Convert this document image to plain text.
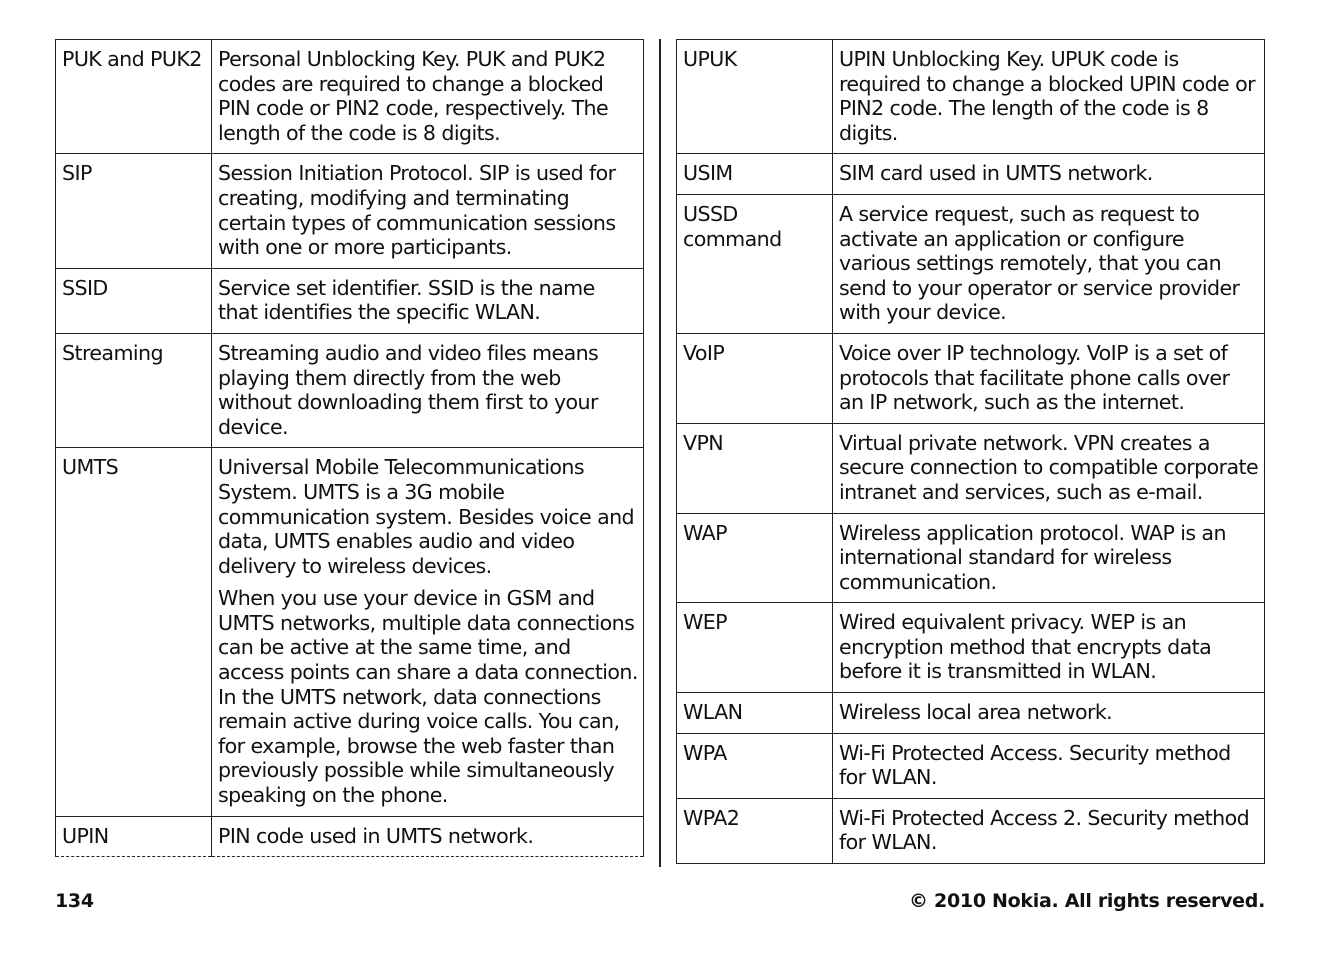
PUK and PUK2	Personal Unblocking Key. PUK and PUK2 codes are required to change a blocked PIN code or PIN2 code, respectively. The length of the code is 8 digits.

SIP	Session Initiation Protocol. SIP is used for creating, modifying and terminating certain types of communication sessions with one or more participants.

SSID	Service set identifier. SSID is the name that identifies the specific WLAN.

Streaming	Streaming audio and video files means playing them directly from the web without downloading them first to your device.

UMTS	Universal Mobile Telecommunications System. UMTS is a 3G mobile communication system. Besides voice and data, UMTS enables audio and video delivery to wireless devices.

When you use your device in GSM and UMTS networks, multiple data connections can be active at the same time, and access points can share a data connection. In the UMTS network, data connections remain active during voice calls. You can, for example, browse the web faster than previously possible while simultaneously speaking on the phone.

UPIN	PIN code used in UMTS network.

UPUK	UPIN Unblocking Key. UPUK code is required to change a blocked UPIN code or PIN2 code. The length of the code is 8 digits.

USIM	SIM card used in UMTS network.

USSD command	A service request, such as request to activate an application or configure various settings remotely, that you can send to your operator or service provider with your device.

VoIP	Voice over IP technology. VoIP is a set of protocols that facilitate phone calls over an IP network, such as the internet.

VPN	Virtual private network. VPN creates a secure connection to compatible corporate intranet and services, such as e-mail.

WAP	Wireless application protocol. WAP is an international standard for wireless communication.

WEP	Wired equivalent privacy. WEP is an encryption method that encrypts data before it is transmitted in WLAN.

WLAN	Wireless local area network.

WPA	Wi-Fi Protected Access. Security method for WLAN.

WPA2	Wi-Fi Protected Access 2. Security method for WLAN.

134	© 2010 Nokia. All rights reserved.
